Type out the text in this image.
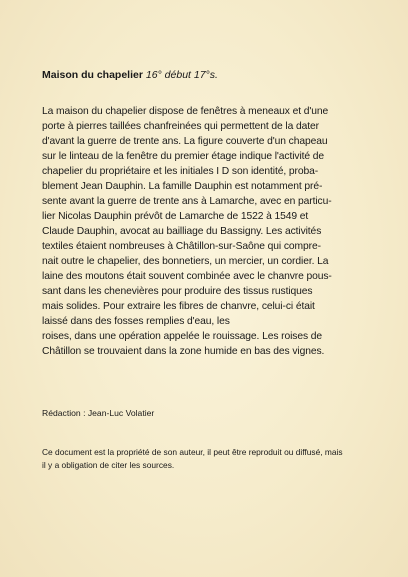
Maison du chapelier 16° début 17°s.
La maison du chapelier dispose de fenêtres à meneaux et d'une
porte à pierres taillées chanfreinées qui permettent de la dater
d'avant la guerre de trente ans. La figure couverte d'un chapeau
sur le linteau de la fenêtre du premier étage indique l'activité de
chapelier du propriétaire et les initiales I D son identité, proba-
blement Jean Dauphin. La famille Dauphin est notamment pré-
sente avant la guerre de trente ans à Lamarche, avec en particu-
lier Nicolas Dauphin prévôt de Lamarche de 1522 à 1549 et
Claude Dauphin, avocat au bailliage du Bassigny. Les activités
textiles étaient nombreuses à Châtillon-sur-Saône qui compre-
nait outre le chapelier, des bonnetiers, un mercier, un cordier. La
laine des moutons était souvent combinée avec le chanvre pous-
sant dans les chenevières pour produire des tissus rustiques
mais solides. Pour extraire les fibres de chanvre, celui-ci était
laissé dans des fosses remplies d'eau, les
roises, dans une opération appelée le rouissage. Les roises de
Châtillon se trouvaient dans la zone humide en bas des vignes.
Rédaction : Jean-Luc Volatier
Ce document est la propriété de son auteur, il peut être reproduit ou diffusé, mais
il y a obligation de citer les sources.
